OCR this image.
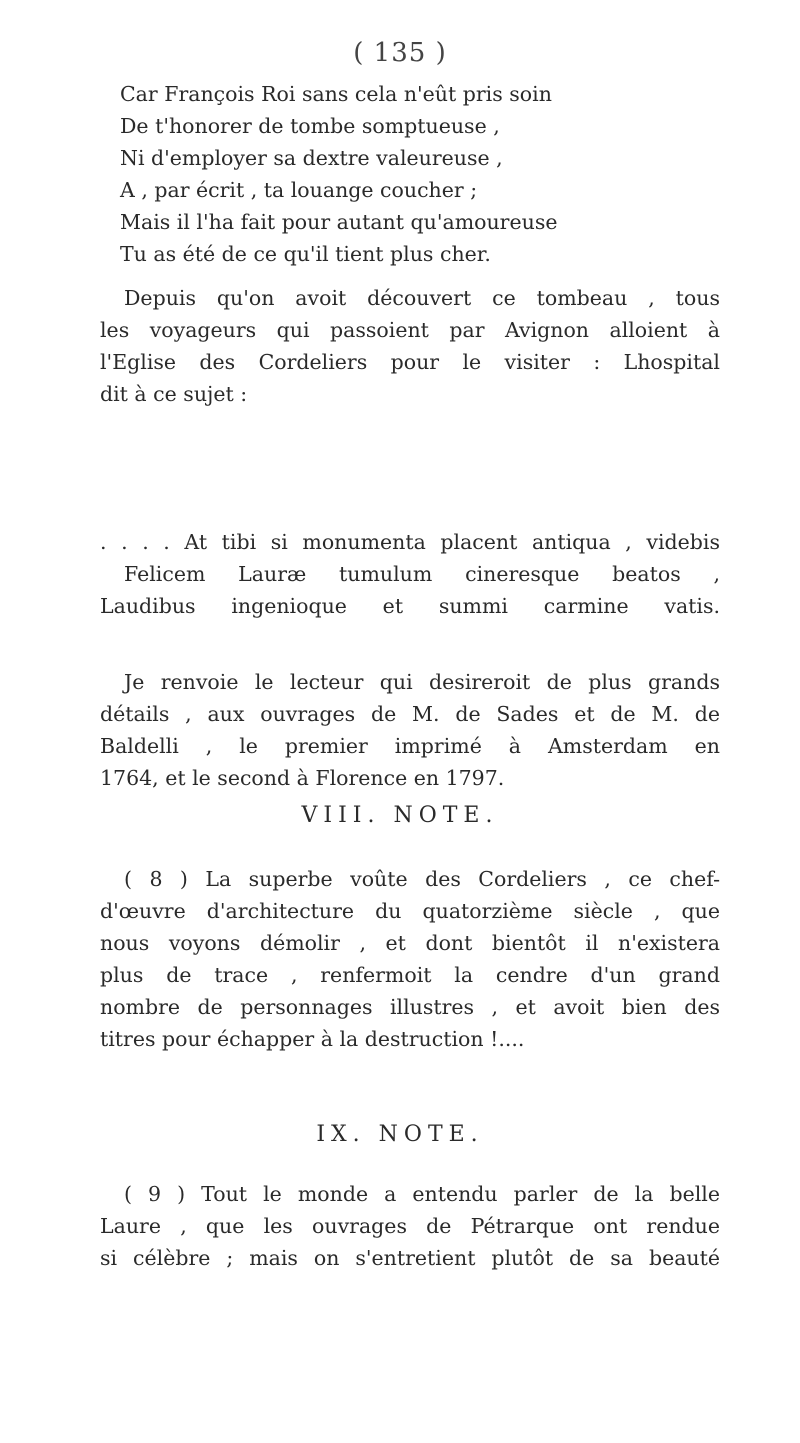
( 135 )
Car François Roi sans cela n'eût pris soin
De t'honorer de tombe somptueuse ,
Ni d'employer sa dextre valeureuse ,
A , par écrit , ta louange coucher ;
Mais il l'ha fait pour autant qu'amoureuse
Tu as été de ce qu'il tient plus cher.
Depuis qu'on avoit découvert ce tombeau , tous
les voyageurs qui passoient par Avignon alloient à
l'Eglise des Cordeliers pour le visiter : Lhospital
dit à ce sujet :
. . . . At tibi si monumenta placent antiqua , videbis
Felicem Lauræ tumulum cineresque beatos ,
Laudibus ingenioque et summi carmine vatis.
Je renvoie le lecteur qui desireroit de plus grands
détails , aux ouvrages de M. de Sades et de M. de
Baldelli , le premier imprimé à Amsterdam en
1764, et le second à Florence en 1797.
VIII. NOTE.
( 8 ) La superbe voûte des Cordeliers , ce chef-
d'œuvre d'architecture du quatorzième siècle , que
nous voyons démolir , et dont bientôt il n'existera
plus de trace , renfermoit la cendre d'un grand
nombre de personnages illustres , et avoit bien des
titres pour échapper à la destruction !....
IX. NOTE.
( 9 ) Tout le monde a entendu parler de la belle
Laure , que les ouvrages de Pétrarque ont rendue
si célèbre ; mais on s'entretient plutôt de sa beauté
